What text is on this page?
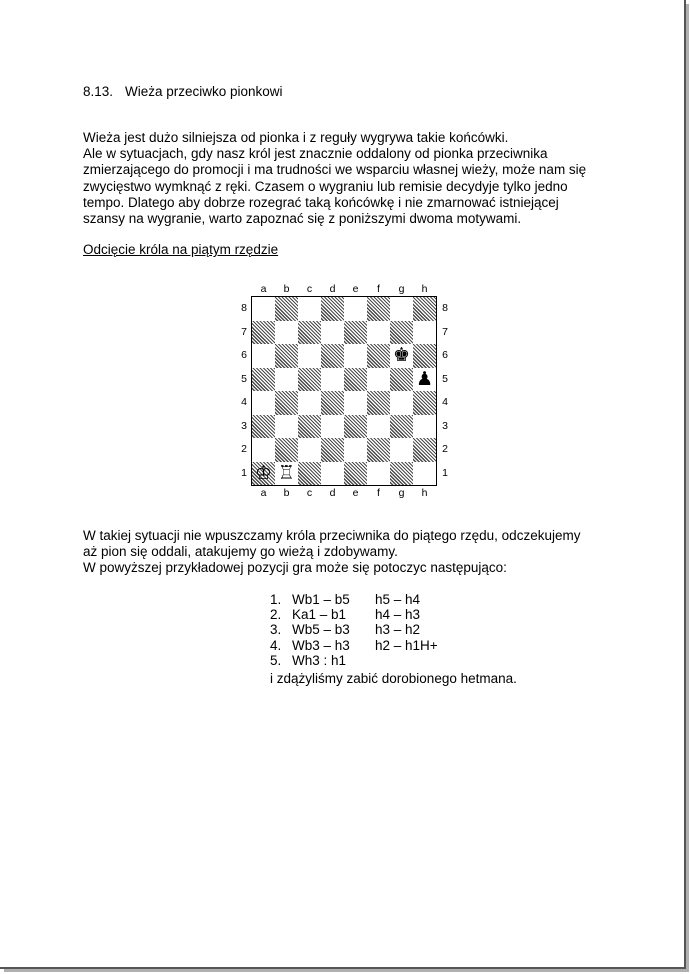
8.13. Wieża przeciwko pionkowi

Wieża jest dużo silniejsza od pionka i z reguły wygrywa takie końcówki.
Ale w sytuacjach, gdy nasz król jest znacznie oddalony od pionka przeciwnika
zmierzającego do promocji i ma trudności we wsparciu własnej wieży, może nam się
zwycięstwo wymknąć z ręki. Czasem o wygraniu lub remisie decydyje tylko jedno
tempo. Dlatego aby dobrze rozegrać taką końcówkę i nie zmarnować istniejącej
szansy na wygranie, warto zapoznać się z poniższymi dwoma motywami.

Odcięcie króla na piątym rzędzie
♚
♟
♔ ♖
a
a
b
b
c
c
d
d
e
e
f
f
g
g
h
h
8	8
7	7
6	6
5	5
4	4
3	3
2	2
1	1

W takiej sytuacji nie wpuszczamy króla przeciwnika do piątego rzędu, odczekujemy
aż pion się oddali, atakujemy go wieżą i zdobywamy.
W powyższej przykładowej pozycji gra może się potoczyc następująco:

1. Wb1 – b5 h5 – h4
2. Ka1 – b1 h4 – h3
3. Wb5 – b3 h3 – h2
4. Wb3 – h3 h2 – h1H+
5. Wh3 : h1
i zdążyliśmy zabić dorobionego hetmana.
